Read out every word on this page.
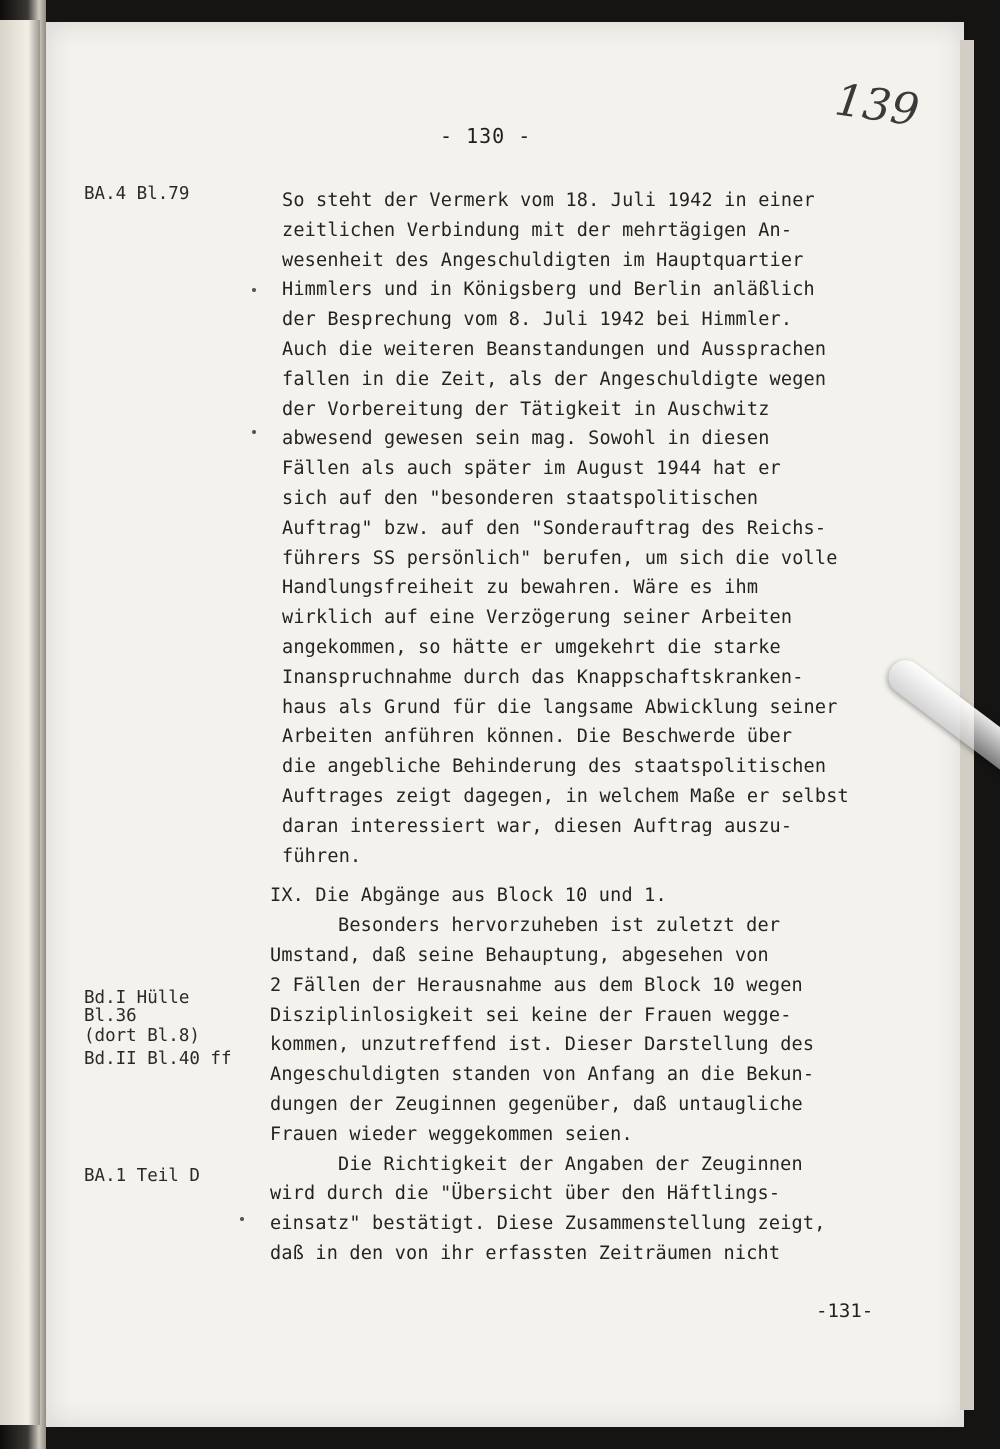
- 130 -	139
BA.4 Bl.79
Bd.I Hülle
Bl.36
(dort Bl.8)
Bd.II Bl.40 ff
BA.1 Teil D
So steht der Vermerk vom 18. Juli 1942 in einer
zeitlichen Verbindung mit der mehrtägigen An-
wesenheit des Angeschuldigten im Hauptquartier
Himmlers und in Königsberg und Berlin anläßlich
der Besprechung vom 8. Juli 1942 bei Himmler.
Auch die weiteren Beanstandungen und Aussprachen
fallen in die Zeit, als der Angeschuldigte wegen
der Vorbereitung der Tätigkeit in Auschwitz
abwesend gewesen sein mag. Sowohl in diesen
Fällen als auch später im August 1944 hat er
sich auf den "besonderen staatspolitischen
Auftrag" bzw. auf den "Sonderauftrag des Reichs-
führers SS persönlich" berufen, um sich die volle
Handlungsfreiheit zu bewahren. Wäre es ihm
wirklich auf eine Verzögerung seiner Arbeiten
angekommen, so hätte er umgekehrt die starke
Inanspruchnahme durch das Knappschaftskranken-
haus als Grund für die langsame Abwicklung seiner
Arbeiten anführen können. Die Beschwerde über
die angebliche Behinderung des staatspolitischen
Auftrages zeigt dagegen, in welchem Maße er selbst
daran interessiert war, diesen Auftrag auszu-
führen.
IX. Die Abgänge aus Block 10 und 1.
Besonders hervorzuheben ist zuletzt der
Umstand, daß seine Behauptung, abgesehen von
2 Fällen der Herausnahme aus dem Block 10 wegen
Disziplinlosigkeit sei keine der Frauen wegge-
kommen, unzutreffend ist. Dieser Darstellung des
Angeschuldigten standen von Anfang an die Bekun-
dungen der Zeuginnen gegenüber, daß untaugliche
Frauen wieder weggekommen seien.
Die Richtigkeit der Angaben der Zeuginnen
wird durch die "Übersicht über den Häftlings-
einsatz" bestätigt. Diese Zusammenstellung zeigt,
daß in den von ihr erfassten Zeiträumen nicht
-131-
